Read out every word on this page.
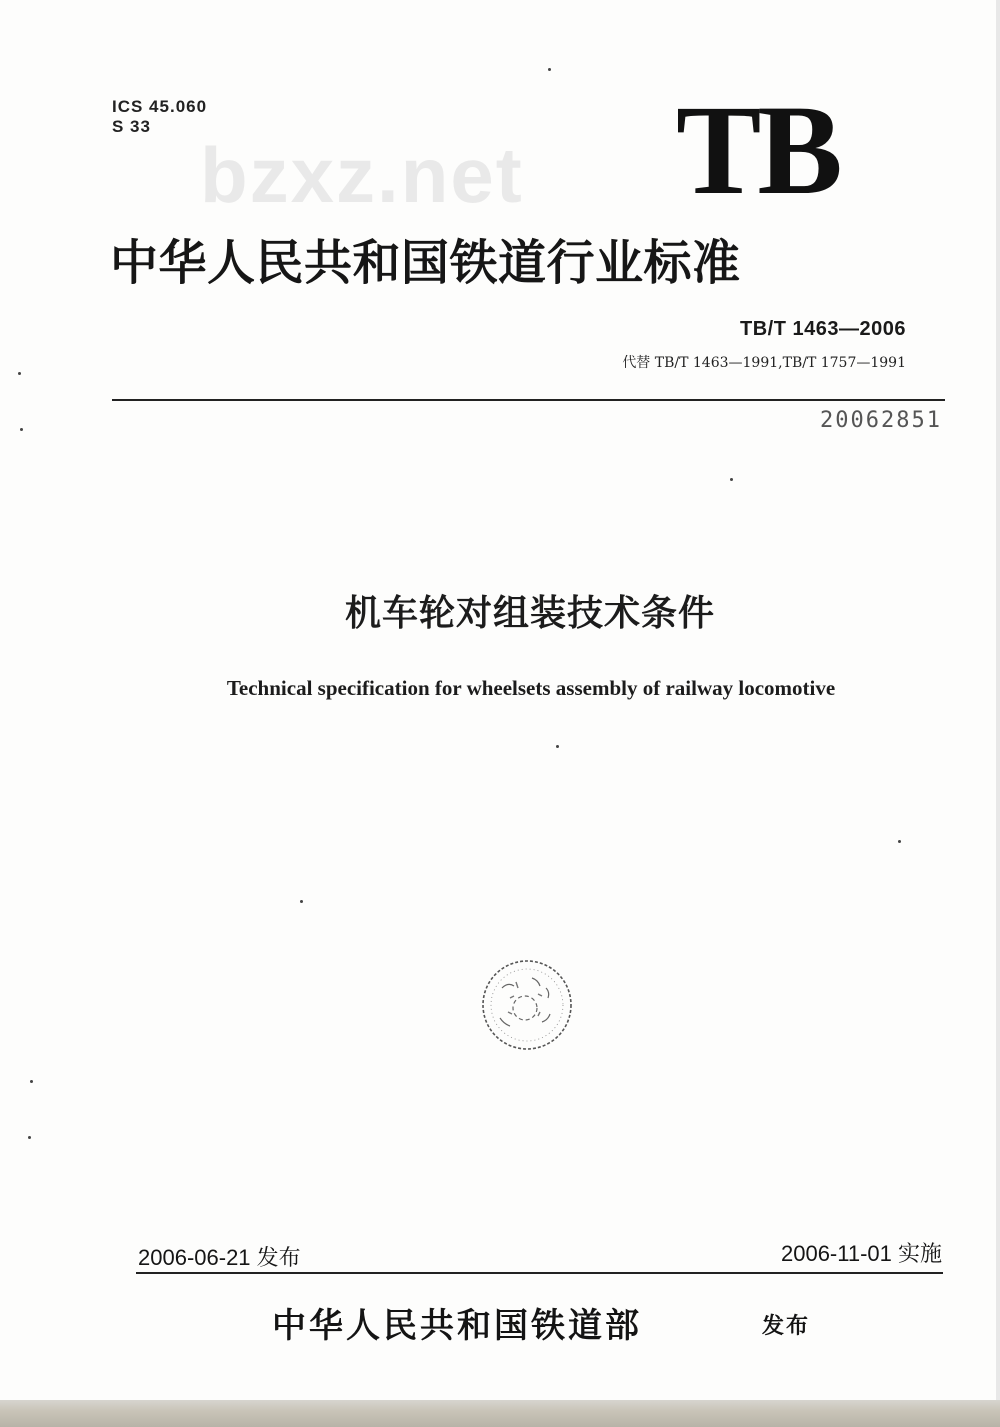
ICS 45.060
S 33
bzxz.net TB
中华人民共和国铁道行业标准
TB/T 1463—2006
代替 TB/T 1463—1991,TB/T 1757—1991
20062851
机车轮对组装技术条件
Technical specification for wheelsets assembly of railway locomotive
2006-06-21 发布	2006-11-01 实施
中华人民共和国铁道部	发布
